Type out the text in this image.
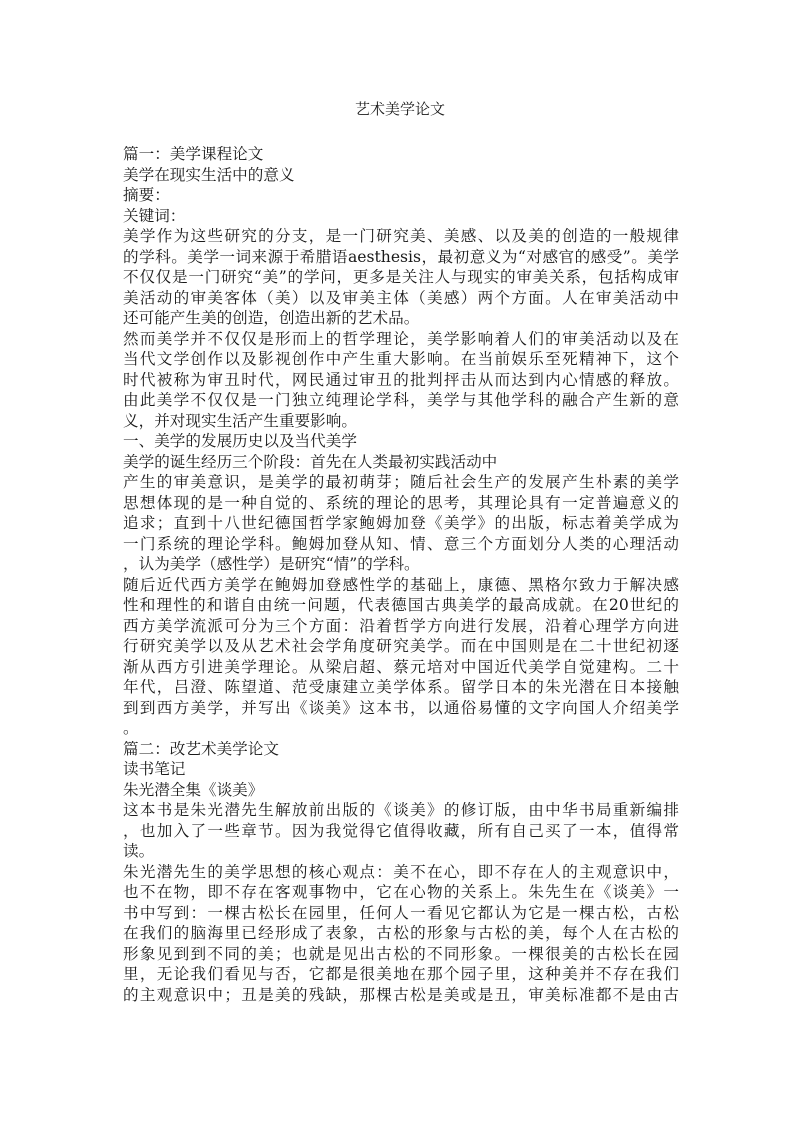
艺术美学论文
篇一：美学课程论文
美学在现实生活中的意义
摘要：
关键词：
美学作为这些研究的分支，是一门研究美、美感、以及美的创造的一般规律
的学科。美学一词来源于希腊语aesthesis，最初意义为“对感官的感受”。美学
不仅仅是一门研究“美”的学问，更多是关注人与现实的审美关系，包括构成审
美活动的审美客体（美）以及审美主体（美感）两个方面。人在审美活动中
还可能产生美的创造，创造出新的艺术品。
然而美学并不仅仅是形而上的哲学理论，美学影响着人们的审美活动以及在
当代文学创作以及影视创作中产生重大影响。在当前娱乐至死精神下，这个
时代被称为审丑时代，网民通过审丑的批判抨击从而达到内心情感的释放。
由此美学不仅仅是一门独立纯理论学科，美学与其他学科的融合产生新的意
义，并对现实生活产生重要影响。
一、美学的发展历史以及当代美学
美学的诞生经历三个阶段：首先在人类最初实践活动中
产生的审美意识，是美学的最初萌芽；随后社会生产的发展产生朴素的美学
思想体现的是一种自觉的、系统的理论的思考，其理论具有一定普遍意义的
追求；直到十八世纪德国哲学家鲍姆加登《美学》的出版，标志着美学成为
一门系统的理论学科。鲍姆加登从知、情、意三个方面划分人类的心理活动
，认为美学（感性学）是研究“情”的学科。
随后近代西方美学在鲍姆加登感性学的基础上，康德、黑格尔致力于解决感
性和理性的和谐自由统一问题，代表德国古典美学的最高成就。在20世纪的
西方美学流派可分为三个方面：沿着哲学方向进行发展，沿着心理学方向进
行研究美学以及从艺术社会学角度研究美学。而在中国则是在二十世纪初逐
渐从西方引进美学理论。从梁启超、蔡元培对中国近代美学自觉建构。二十
年代，吕澄、陈望道、范受康建立美学体系。留学日本的朱光潜在日本接触
到到西方美学，并写出《谈美》这本书，以通俗易懂的文字向国人介绍美学
。
篇二：改艺术美学论文
读书笔记
朱光潜全集《谈美》
这本书是朱光潜先生解放前出版的《谈美》的修订版，由中华书局重新编排
，也加入了一些章节。因为我觉得它值得收藏，所有自己买了一本，值得常
读。
朱光潜先生的美学思想的核心观点：美不在心，即不存在人的主观意识中，
也不在物，即不存在客观事物中，它在心物的关系上。朱先生在《谈美》一
书中写到：一棵古松长在园里，任何人一看见它都认为它是一棵古松，古松
在我们的脑海里已经形成了表象，古松的形象与古松的美，每个人在古松的
形象见到到不同的美；也就是见出古松的不同形象。一棵很美的古松长在园
里，无论我们看见与否，它都是很美地在那个园子里，这种美并不存在我们
的主观意识中；丑是美的残缺，那棵古松是美或是丑，审美标准都不是由古
